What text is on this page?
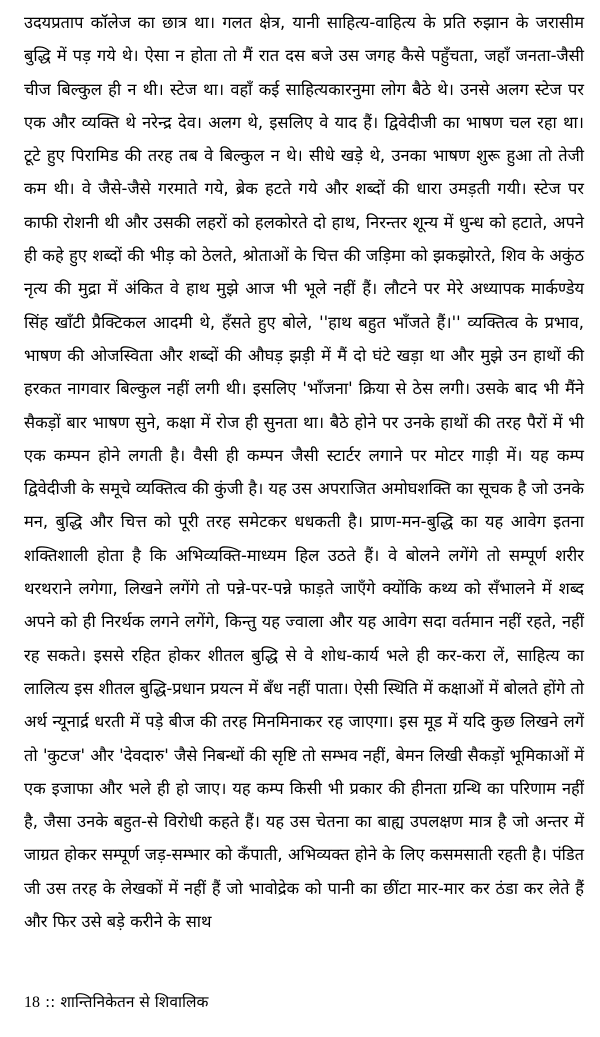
उदयप्रताप कॉलेज का छात्र था। गलत क्षेत्र, यानी साहित्य-वाहित्य के प्रति रुझान के जरासीम बुद्धि में पड़ गये थे। ऐसा न होता तो मैं रात दस बजे उस जगह कैसे पहुँचता, जहाँ जनता-जैसी चीज बिल्कुल ही न थी। स्टेज था। वहाँ कई साहित्यकारनुमा लोग बैठे थे। उनसे अलग स्टेज पर एक और व्यक्ति थे नरेन्द्र देव। अलग थे, इसलिए वे याद हैं। द्विवेदीजी का भाषण चल रहा था। टूटे हुए पिरामिड की तरह तब वे बिल्कुल न थे। सीधे खड़े थे, उनका भाषण शुरू हुआ तो तेजी कम थी। वे जैसे-जैसे गरमाते गये, ब्रेक हटते गये और शब्दों की धारा उमड़ती गयी। स्टेज पर काफी रोशनी थी और उसकी लहरों को हलकोरते दो हाथ, निरन्तर शून्य में धुन्ध को हटाते, अपने ही कहे हुए शब्दों की भीड़ को ठेलते, श्रोताओं के चित्त की जड़िमा को झकझोरते, शिव के अकुंठ नृत्य की मुद्रा में अंकित वे हाथ मुझे आज भी भूले नहीं हैं। लौटने पर मेरे अध्यापक मार्कण्डेय सिंह खाँटी प्रैक्टिकल आदमी थे, हँसते हुए बोले, ''हाथ बहुत भाँजते हैं।'' व्यक्तित्व के प्रभाव, भाषण की ओजस्विता और शब्दों की औघड़ झड़ी में मैं दो घंटे खड़ा था और मुझे उन हाथों की हरकत नागवार बिल्कुल नहीं लगी थी। इसलिए 'भाँजना' क्रिया से ठेस लगी। उसके बाद भी मैंने सैकड़ों बार भाषण सुने, कक्षा में रोज ही सुनता था। बैठे होने पर उनके हाथों की तरह पैरों में भी एक कम्पन होने लगती है। वैसी ही कम्पन जैसी स्टार्टर लगाने पर मोटर गाड़ी में। यह कम्प द्विवेदीजी के समूचे व्यक्तित्व की कुंजी है। यह उस अपराजित अमोघशक्ति का सूचक है जो उनके मन, बुद्धि और चित्त को पूरी तरह समेटकर धधकती है। प्राण-मन-बुद्धि का यह आवेग इतना शक्तिशाली होता है कि अभिव्यक्ति-माध्यम हिल उठते हैं। वे बोलने लगेंगे तो सम्पूर्ण शरीर थरथराने लगेगा, लिखने लगेंगे तो पन्ने-पर-पन्ने फाड़ते जाएँगे क्योंकि कथ्य को सँभालने में शब्द अपने को ही निरर्थक लगने लगेंगे, किन्तु यह ज्वाला और यह आवेग सदा वर्तमान नहीं रहते, नहीं रह सकते। इससे रहित होकर शीतल बुद्धि से वे शोध-कार्य भले ही कर-करा लें, साहित्य का लालित्य इस शीतल बुद्धि-प्रधान प्रयत्न में बँध नहीं पाता। ऐसी स्थिति में कक्षाओं में बोलते होंगे तो अर्थ न्यूनार्द्र धरती में पड़े बीज की तरह मिनमिनाकर रह जाएगा। इस मूड में यदि कुछ लिखने लगें तो 'कुटज' और 'देवदारु' जैसे निबन्धों की सृष्टि तो सम्भव नहीं, बेमन लिखी सैकड़ों भूमिकाओं में एक इजाफा और भले ही हो जाए। यह कम्प किसी भी प्रकार की हीनता ग्रन्थि का परिणाम नहीं है, जैसा उनके बहुत-से विरोधी कहते हैं। यह उस चेतना का बाह्य उपलक्षण मात्र है जो अन्तर में जाग्रत होकर सम्पूर्ण जड़-सम्भार को कँपाती, अभिव्यक्त होने के लिए कसमसाती रहती है। पंडित जी उस तरह के लेखकों में नहीं हैं जो भावोद्रेक को पानी का छींटा मार-मार कर ठंडा कर लेते हैं और फिर उसे बड़े करीने के साथ

18 :: शान्तिनिकेतन से शिवालिक
